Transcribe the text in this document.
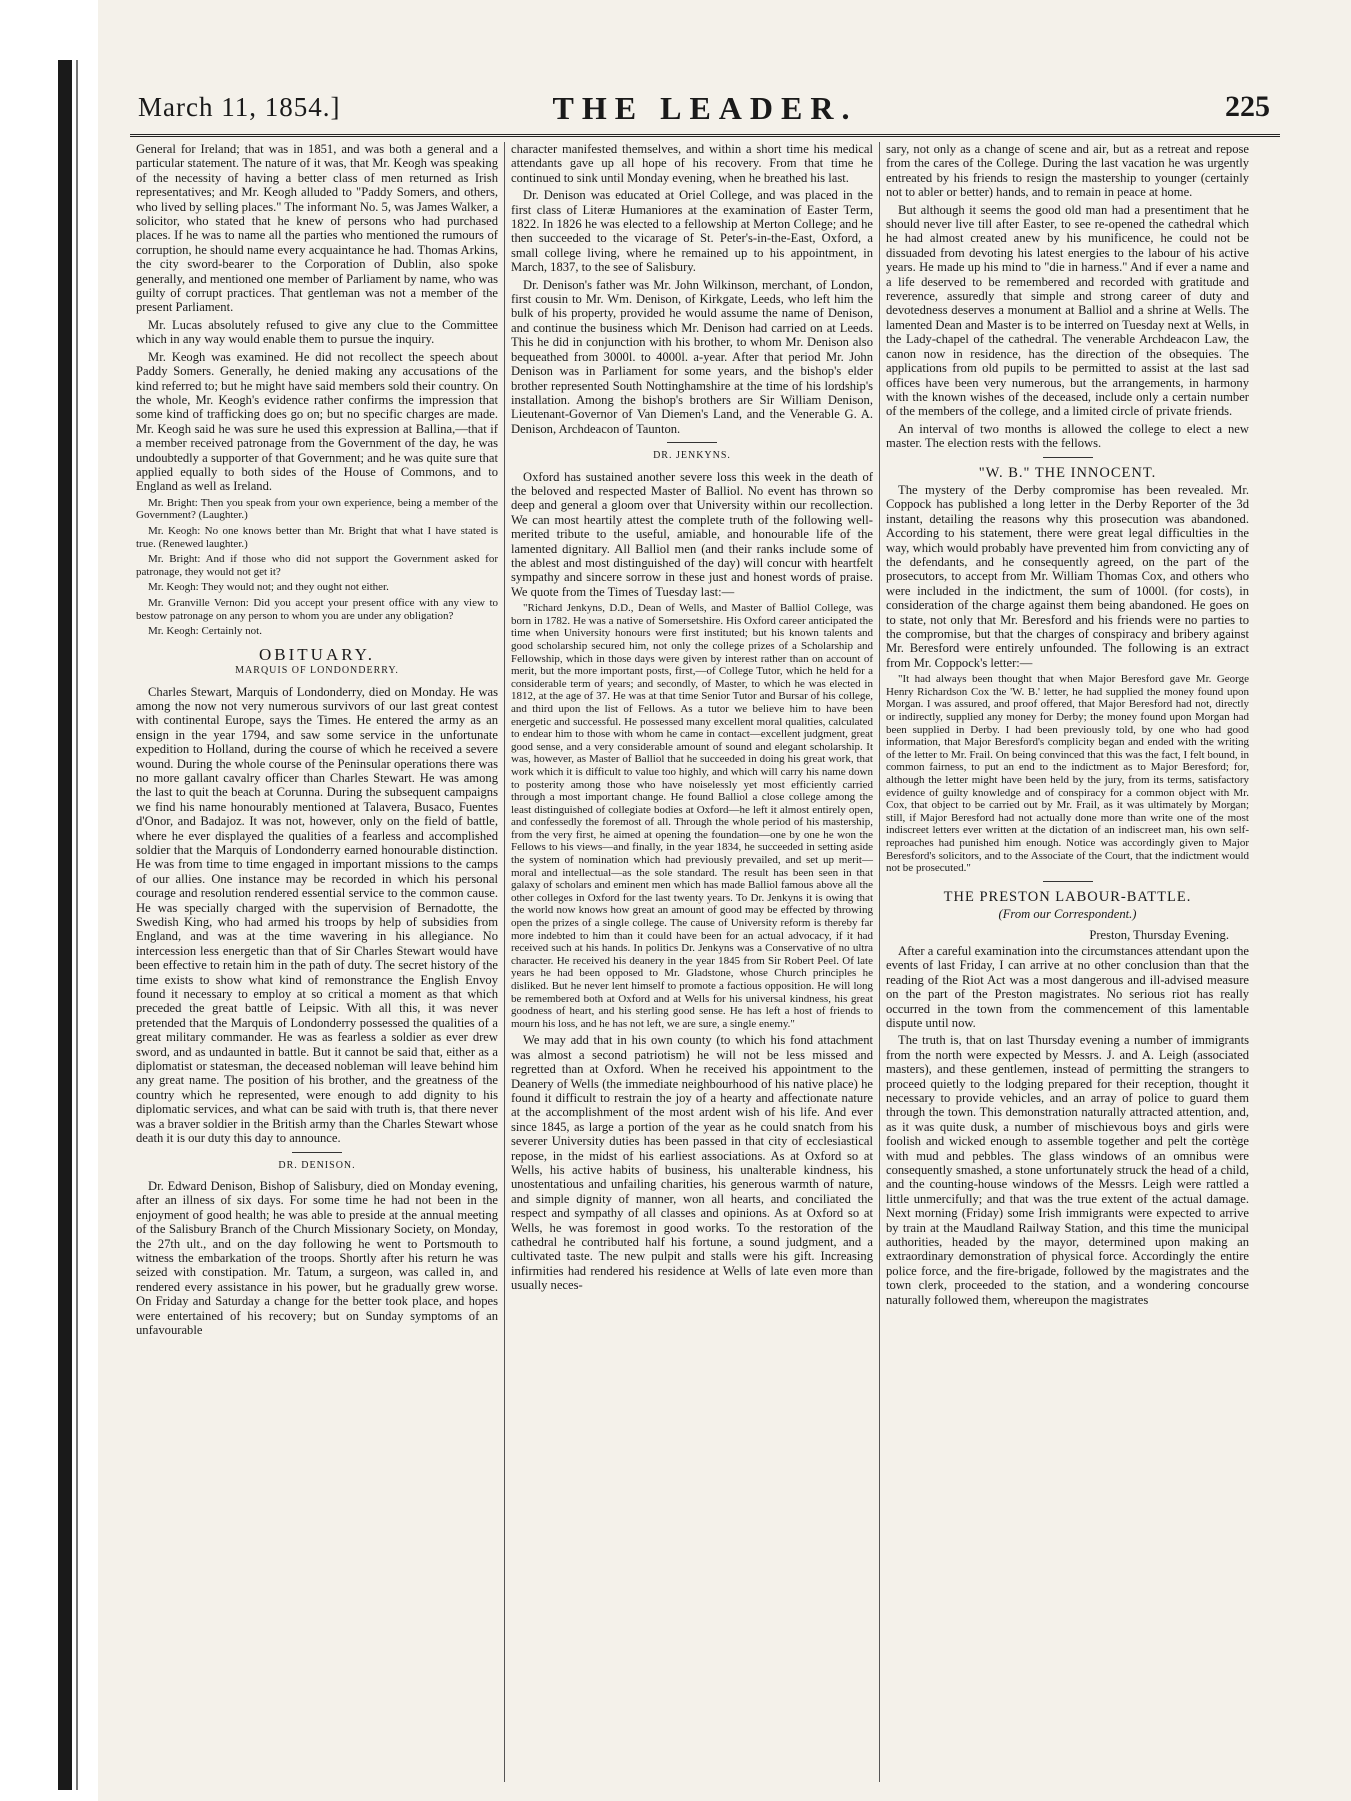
March 11, 1854.]	THE LEADER.	225

General for Ireland; that was in 1851, and was both a general and a particular statement. The nature of it was, that Mr. Keogh was speaking of the necessity of having a better class of men returned as Irish representatives; and Mr. Keogh alluded to "Paddy Somers, and others, who lived by selling places." The informant No. 5, was James Walker, a solicitor, who stated that he knew of persons who had purchased places. If he was to name all the parties who mentioned the rumours of corruption, he should name every acquaintance he had. Thomas Arkins, the city sword-bearer to the Corporation of Dublin, also spoke generally, and mentioned one member of Parliament by name, who was guilty of corrupt practices. That gentleman was not a member of the present Parliament.

Mr. Lucas absolutely refused to give any clue to the Committee which in any way would enable them to pursue the inquiry.

Mr. Keogh was examined. He did not recollect the speech about Paddy Somers. Generally, he denied making any accusations of the kind referred to; but he might have said members sold their country. On the whole, Mr. Keogh's evidence rather confirms the impression that some kind of trafficking does go on; but no specific charges are made. Mr. Keogh said he was sure he used this expression at Ballina,—that if a member received patronage from the Government of the day, he was undoubtedly a supporter of that Government; and he was quite sure that applied equally to both sides of the House of Commons, and to England as well as Ireland.

Mr. Bright: Then you speak from your own experience, being a member of the Government? (Laughter.)

Mr. Keogh: No one knows better than Mr. Bright that what I have stated is true. (Renewed laughter.)

Mr. Bright: And if those who did not support the Government asked for patronage, they would not get it?

Mr. Keogh: They would not; and they ought not either.

Mr. Granville Vernon: Did you accept your present office with any view to bestow patronage on any person to whom you are under any obligation?

Mr. Keogh: Certainly not.

OBITUARY.
MARQUIS OF LONDONDERRY.

Charles Stewart, Marquis of Londonderry, died on Monday. He was among the now not very numerous survivors of our last great contest with continental Europe, says the Times. He entered the army as an ensign in the year 1794, and saw some service in the unfortunate expedition to Holland, during the course of which he received a severe wound. During the whole course of the Peninsular operations there was no more gallant cavalry officer than Charles Stewart. He was among the last to quit the beach at Corunna. During the subsequent campaigns we find his name honourably mentioned at Talavera, Busaco, Fuentes d'Onor, and Badajoz. It was not, however, only on the field of battle, where he ever displayed the qualities of a fearless and accomplished soldier that the Marquis of Londonderry earned honourable distinction. He was from time to time engaged in important missions to the camps of our allies. One instance may be recorded in which his personal courage and resolution rendered essential service to the common cause. He was specially charged with the supervision of Bernadotte, the Swedish King, who had armed his troops by help of subsidies from England, and was at the time wavering in his allegiance. No intercession less energetic than that of Sir Charles Stewart would have been effective to retain him in the path of duty. The secret history of the time exists to show what kind of remonstrance the English Envoy found it necessary to employ at so critical a moment as that which preceded the great battle of Leipsic. With all this, it was never pretended that the Marquis of Londonderry possessed the qualities of a great military commander. He was as fearless a soldier as ever drew sword, and as undaunted in battle. But it cannot be said that, either as a diplomatist or statesman, the deceased nobleman will leave behind him any great name. The position of his brother, and the greatness of the country which he represented, were enough to add dignity to his diplomatic services, and what can be said with truth is, that there never was a braver soldier in the British army than the Charles Stewart whose death it is our duty this day to announce.

DR. DENISON.

Dr. Edward Denison, Bishop of Salisbury, died on Monday evening, after an illness of six days. For some time he had not been in the enjoyment of good health; he was able to preside at the annual meeting of the Salisbury Branch of the Church Missionary Society, on Monday, the 27th ult., and on the day following he went to Portsmouth to witness the embarkation of the troops. Shortly after his return he was seized with constipation. Mr. Tatum, a surgeon, was called in, and rendered every assistance in his power, but he gradually grew worse. On Friday and Saturday a change for the better took place, and hopes were entertained of his recovery; but on Sunday symptoms of an unfavourable

character manifested themselves, and within a short time his medical attendants gave up all hope of his recovery. From that time he continued to sink until Monday evening, when he breathed his last.

Dr. Denison was educated at Oriel College, and was placed in the first class of Literæ Humaniores at the examination of Easter Term, 1822. In 1826 he was elected to a fellowship at Merton College; and he then succeeded to the vicarage of St. Peter's-in-the-East, Oxford, a small college living, where he remained up to his appointment, in March, 1837, to the see of Salisbury.

Dr. Denison's father was Mr. John Wilkinson, merchant, of London, first cousin to Mr. Wm. Denison, of Kirkgate, Leeds, who left him the bulk of his property, provided he would assume the name of Denison, and continue the business which Mr. Denison had carried on at Leeds. This he did in conjunction with his brother, to whom Mr. Denison also bequeathed from 3000l. to 4000l. a-year. After that period Mr. John Denison was in Parliament for some years, and the bishop's elder brother represented South Nottinghamshire at the time of his lordship's installation. Among the bishop's brothers are Sir William Denison, Lieutenant-Governor of Van Diemen's Land, and the Venerable G. A. Denison, Archdeacon of Taunton.

DR. JENKYNS.

Oxford has sustained another severe loss this week in the death of the beloved and respected Master of Balliol. No event has thrown so deep and general a gloom over that University within our recollection. We can most heartily attest the complete truth of the following well-merited tribute to the useful, amiable, and honourable life of the lamented dignitary. All Balliol men (and their ranks include some of the ablest and most distinguished of the day) will concur with heartfelt sympathy and sincere sorrow in these just and honest words of praise. We quote from the Times of Tuesday last:—

"Richard Jenkyns, D.D., Dean of Wells, and Master of Balliol College, was born in 1782. He was a native of Somersetshire. His Oxford career anticipated the time when University honours were first instituted; but his known talents and good scholarship secured him, not only the college prizes of a Scholarship and Fellowship, which in those days were given by interest rather than on account of merit, but the more important posts, first,—of College Tutor, which he held for a considerable term of years; and secondly, of Master, to which he was elected in 1812, at the age of 37. He was at that time Senior Tutor and Bursar of his college, and third upon the list of Fellows. As a tutor we believe him to have been energetic and successful. He possessed many excellent moral qualities, calculated to endear him to those with whom he came in contact—excellent judgment, great good sense, and a very considerable amount of sound and elegant scholarship. It was, however, as Master of Balliol that he succeeded in doing his great work, that work which it is difficult to value too highly, and which will carry his name down to posterity among those who have noiselessly yet most efficiently carried through a most important change. He found Balliol a close college among the least distinguished of collegiate bodies at Oxford—he left it almost entirely open, and confessedly the foremost of all. Through the whole period of his mastership, from the very first, he aimed at opening the foundation—one by one he won the Fellows to his views—and finally, in the year 1834, he succeeded in setting aside the system of nomination which had previously prevailed, and set up merit—moral and intellectual—as the sole standard. The result has been seen in that galaxy of scholars and eminent men which has made Balliol famous above all the other colleges in Oxford for the last twenty years. To Dr. Jenkyns it is owing that the world now knows how great an amount of good may be effected by throwing open the prizes of a single college. The cause of University reform is thereby far more indebted to him than it could have been for an actual advocacy, if it had received such at his hands. In politics Dr. Jenkyns was a Conservative of no ultra character. He received his deanery in the year 1845 from Sir Robert Peel. Of late years he had been opposed to Mr. Gladstone, whose Church principles he disliked. But he never lent himself to promote a factious opposition. He will long be remembered both at Oxford and at Wells for his universal kindness, his great goodness of heart, and his sterling good sense. He has left a host of friends to mourn his loss, and he has not left, we are sure, a single enemy."

We may add that in his own county (to which his fond attachment was almost a second patriotism) he will not be less missed and regretted than at Oxford. When he received his appointment to the Deanery of Wells (the immediate neighbourhood of his native place) he found it difficult to restrain the joy of a hearty and affectionate nature at the accomplishment of the most ardent wish of his life. And ever since 1845, as large a portion of the year as he could snatch from his severer University duties has been passed in that city of ecclesiastical repose, in the midst of his earliest associations. As at Oxford so at Wells, his active habits of business, his unalterable kindness, his unostentatious and unfailing charities, his generous warmth of nature, and simple dignity of manner, won all hearts, and conciliated the respect and sympathy of all classes and opinions. As at Oxford so at Wells, he was foremost in good works. To the restoration of the cathedral he contributed half his fortune, a sound judgment, and a cultivated taste. The new pulpit and stalls were his gift. Increasing infirmities had rendered his residence at Wells of late even more than usually neces-

sary, not only as a change of scene and air, but as a retreat and repose from the cares of the College. During the last vacation he was urgently entreated by his friends to resign the mastership to younger (certainly not to abler or better) hands, and to remain in peace at home.

But although it seems the good old man had a presentiment that he should never live till after Easter, to see re-opened the cathedral which he had almost created anew by his munificence, he could not be dissuaded from devoting his latest energies to the labour of his active years. He made up his mind to "die in harness." And if ever a name and a life deserved to be remembered and recorded with gratitude and reverence, assuredly that simple and strong career of duty and devotedness deserves a monument at Balliol and a shrine at Wells. The lamented Dean and Master is to be interred on Tuesday next at Wells, in the Lady-chapel of the cathedral. The venerable Archdeacon Law, the canon now in residence, has the direction of the obsequies. The applications from old pupils to be permitted to assist at the last sad offices have been very numerous, but the arrangements, in harmony with the known wishes of the deceased, include only a certain number of the members of the college, and a limited circle of private friends.

An interval of two months is allowed the college to elect a new master. The election rests with the fellows.

"W. B." THE INNOCENT.

The mystery of the Derby compromise has been revealed. Mr. Coppock has published a long letter in the Derby Reporter of the 3d instant, detailing the reasons why this prosecution was abandoned. According to his statement, there were great legal difficulties in the way, which would probably have prevented him from convicting any of the defendants, and he consequently agreed, on the part of the prosecutors, to accept from Mr. William Thomas Cox, and others who were included in the indictment, the sum of 1000l. (for costs), in consideration of the charge against them being abandoned. He goes on to state, not only that Mr. Beresford and his friends were no parties to the compromise, but that the charges of conspiracy and bribery against Mr. Beresford were entirely unfounded. The following is an extract from Mr. Coppock's letter:—

"It had always been thought that when Major Beresford gave Mr. George Henry Richardson Cox the 'W. B.' letter, he had supplied the money found upon Morgan. I was assured, and proof offered, that Major Beresford had not, directly or indirectly, supplied any money for Derby; the money found upon Morgan had been supplied in Derby. I had been previously told, by one who had good information, that Major Beresford's complicity began and ended with the writing of the letter to Mr. Frail. On being convinced that this was the fact, I felt bound, in common fairness, to put an end to the indictment as to Major Beresford; for, although the letter might have been held by the jury, from its terms, satisfactory evidence of guilty knowledge and of conspiracy for a common object with Mr. Cox, that object to be carried out by Mr. Frail, as it was ultimately by Morgan; still, if Major Beresford had not actually done more than write one of the most indiscreet letters ever written at the dictation of an indiscreet man, his own self-reproaches had punished him enough. Notice was accordingly given to Major Beresford's solicitors, and to the Associate of the Court, that the indictment would not be prosecuted."

THE PRESTON LABOUR-BATTLE.
(From our Correspondent.)
Preston, Thursday Evening.

After a careful examination into the circumstances attendant upon the events of last Friday, I can arrive at no other conclusion than that the reading of the Riot Act was a most dangerous and ill-advised measure on the part of the Preston magistrates. No serious riot has really occurred in the town from the commencement of this lamentable dispute until now.

The truth is, that on last Thursday evening a number of immigrants from the north were expected by Messrs. J. and A. Leigh (associated masters), and these gentlemen, instead of permitting the strangers to proceed quietly to the lodging prepared for their reception, thought it necessary to provide vehicles, and an array of police to guard them through the town. This demonstration naturally attracted attention, and, as it was quite dusk, a number of mischievous boys and girls were foolish and wicked enough to assemble together and pelt the cortège with mud and pebbles. The glass windows of an omnibus were consequently smashed, a stone unfortunately struck the head of a child, and the counting-house windows of the Messrs. Leigh were rattled a little unmercifully; and that was the true extent of the actual damage. Next morning (Friday) some Irish immigrants were expected to arrive by train at the Maudland Railway Station, and this time the municipal authorities, headed by the mayor, determined upon making an extraordinary demonstration of physical force. Accordingly the entire police force, and the fire-brigade, followed by the magistrates and the town clerk, proceeded to the station, and a wondering concourse naturally followed them, whereupon the magistrates
